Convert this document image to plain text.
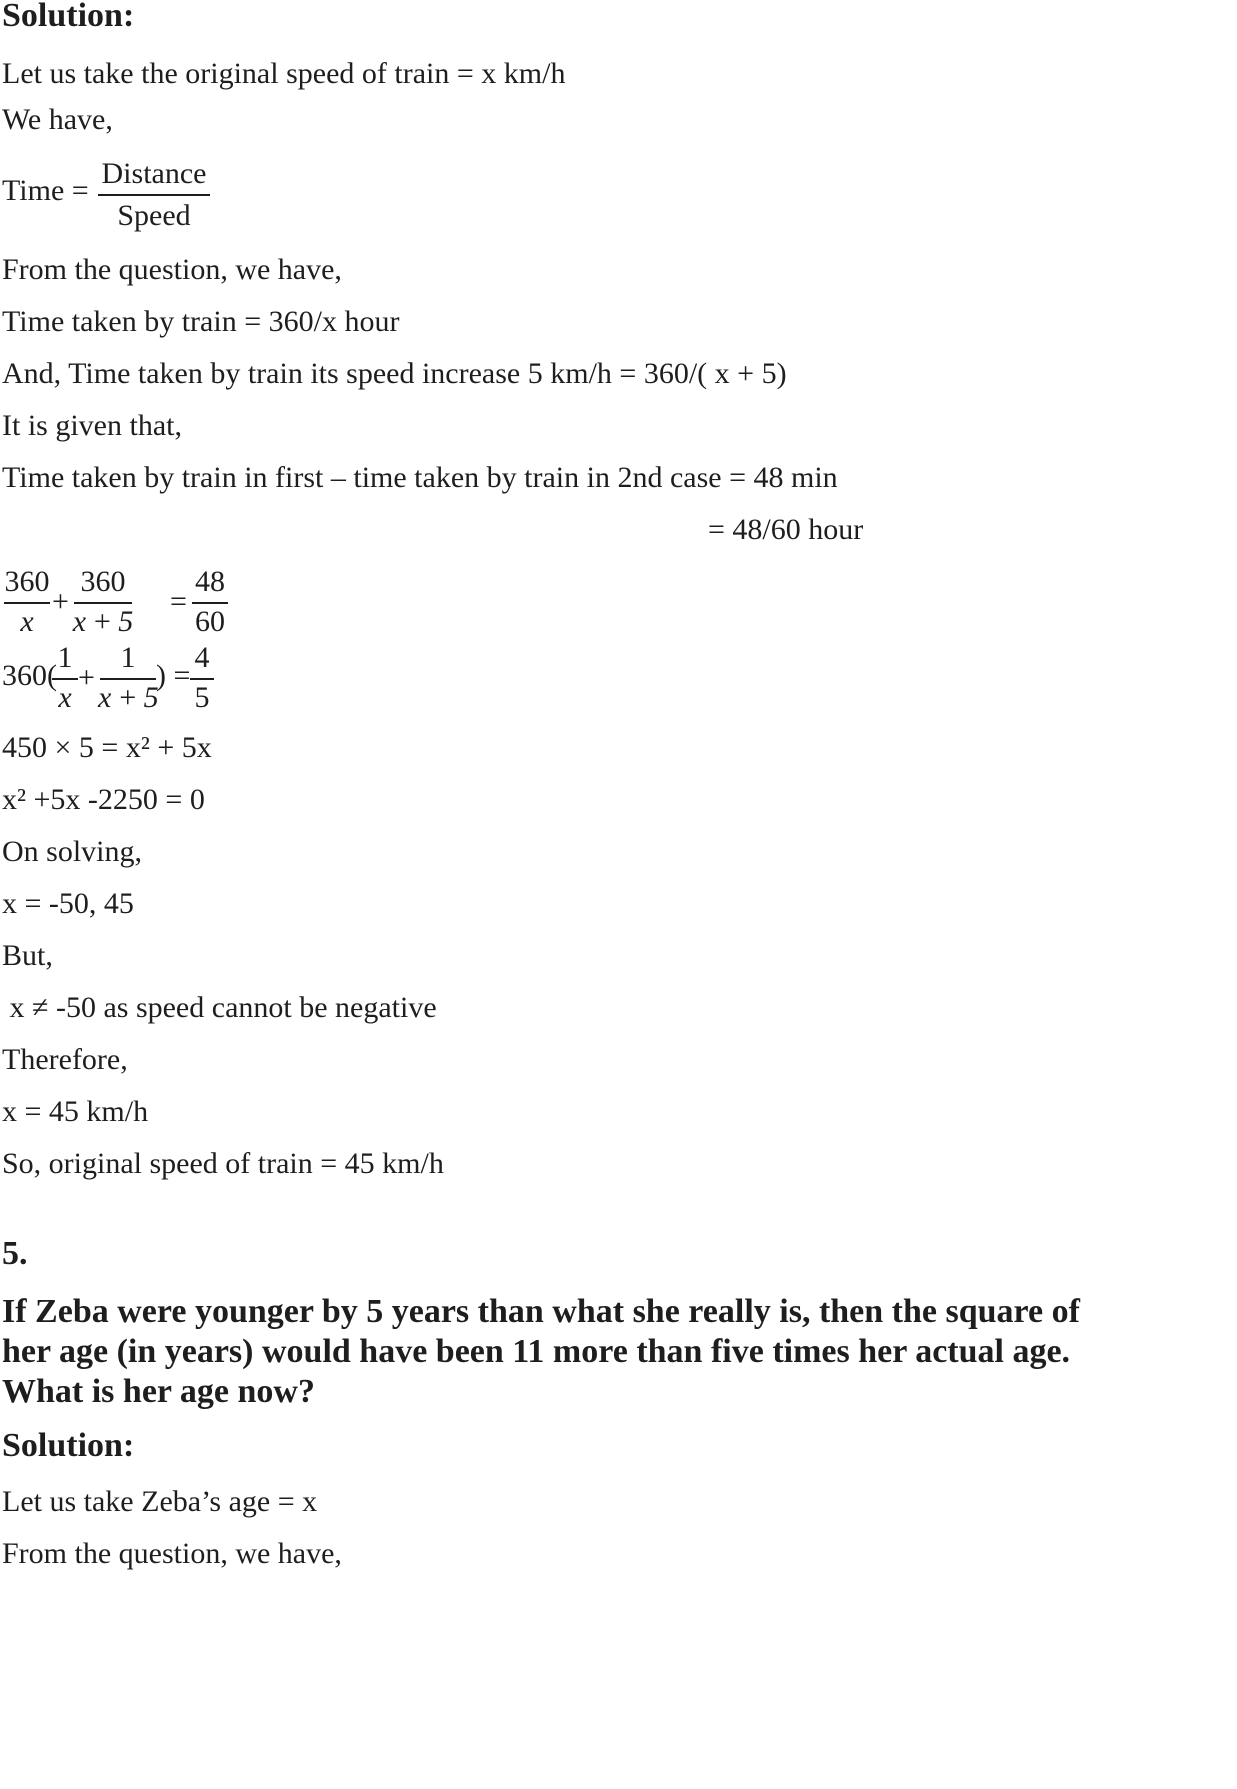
Solution:
Let us take the original speed of train = x km/h
We have,
Time =
Distance
Speed
From the question, we have,
Time taken by train = 360/x hour
And, Time taken by train its speed increase 5 km/h = 360/( x + 5)
It is given that,
Time taken by train in first – time taken by train in 2nd case = 48 min
= 48/60 hour
360
x
+
360
x + 5
=
48
60
360(
1
x
+
1
x + 5
) =
4
5
450 × 5 = x² + 5x
x² +5x -2250 = 0
On solving,
x = -50, 45
But,
x ≠ -50 as speed cannot be negative
Therefore,
x = 45 km/h
So, original speed of train = 45 km/h
5.
If Zeba were younger by 5 years than what she really is, then the square of
her age (in years) would have been 11 more than five times her actual age.
What is her age now?
Solution:
Let us take Zeba’s age = x
From the question, we have,
